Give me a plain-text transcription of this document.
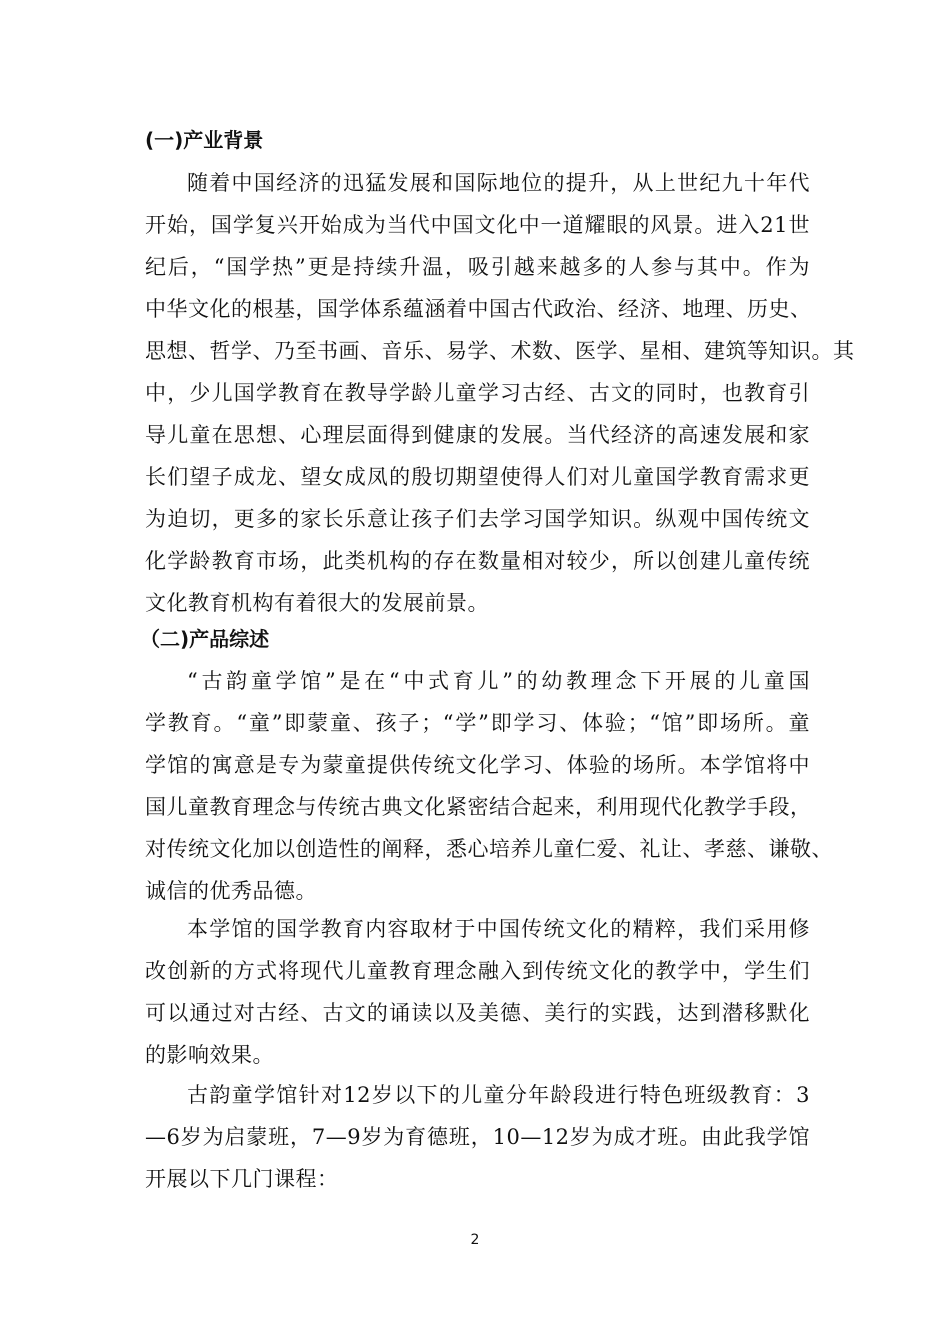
(一)产业背景
随着中国经济的迅猛发展和国际地位的提升，从上世纪九十年代
开始，国学复兴开始成为当代中国文化中一道耀眼的风景。进入21世
纪后，“国学热”更是持续升温，吸引越来越多的人参与其中。作为
中华文化的根基，国学体系蕴涵着中国古代政治、经济、地理、历史、
思想、哲学、乃至书画、音乐、易学、术数、医学、星相、建筑等知识。其
中，少儿国学教育在教导学龄儿童学习古经、古文的同时，也教育引
导儿童在思想、心理层面得到健康的发展。当代经济的高速发展和家
长们望子成龙、望女成凤的殷切期望使得人们对儿童国学教育需求更
为迫切，更多的家长乐意让孩子们去学习国学知识。纵观中国传统文
化学龄教育市场，此类机构的存在数量相对较少，所以创建儿童传统
文化教育机构有着很大的发展前景。
（二)产品综述
“古韵童学馆”是在“中式育儿”的幼教理念下开展的儿童国
学教育。“童”即蒙童、孩子；“学”即学习、体验；“馆”即场所。童
学馆的寓意是专为蒙童提供传统文化学习、体验的场所。本学馆将中
国儿童教育理念与传统古典文化紧密结合起来，利用现代化教学手段，
对传统文化加以创造性的阐释，悉心培养儿童仁爱、礼让、孝慈、谦敬、
诚信的优秀品德。
本学馆的国学教育内容取材于中国传统文化的精粹，我们采用修
改创新的方式将现代儿童教育理念融入到传统文化的教学中，学生们
可以通过对古经、古文的诵读以及美德、美行的实践，达到潜移默化
的影响效果。
古韵童学馆针对12岁以下的儿童分年龄段进行特色班级教育：3
—6岁为启蒙班，7—9岁为育德班，10—12岁为成才班。由此我学馆
开展以下几门课程：
2
